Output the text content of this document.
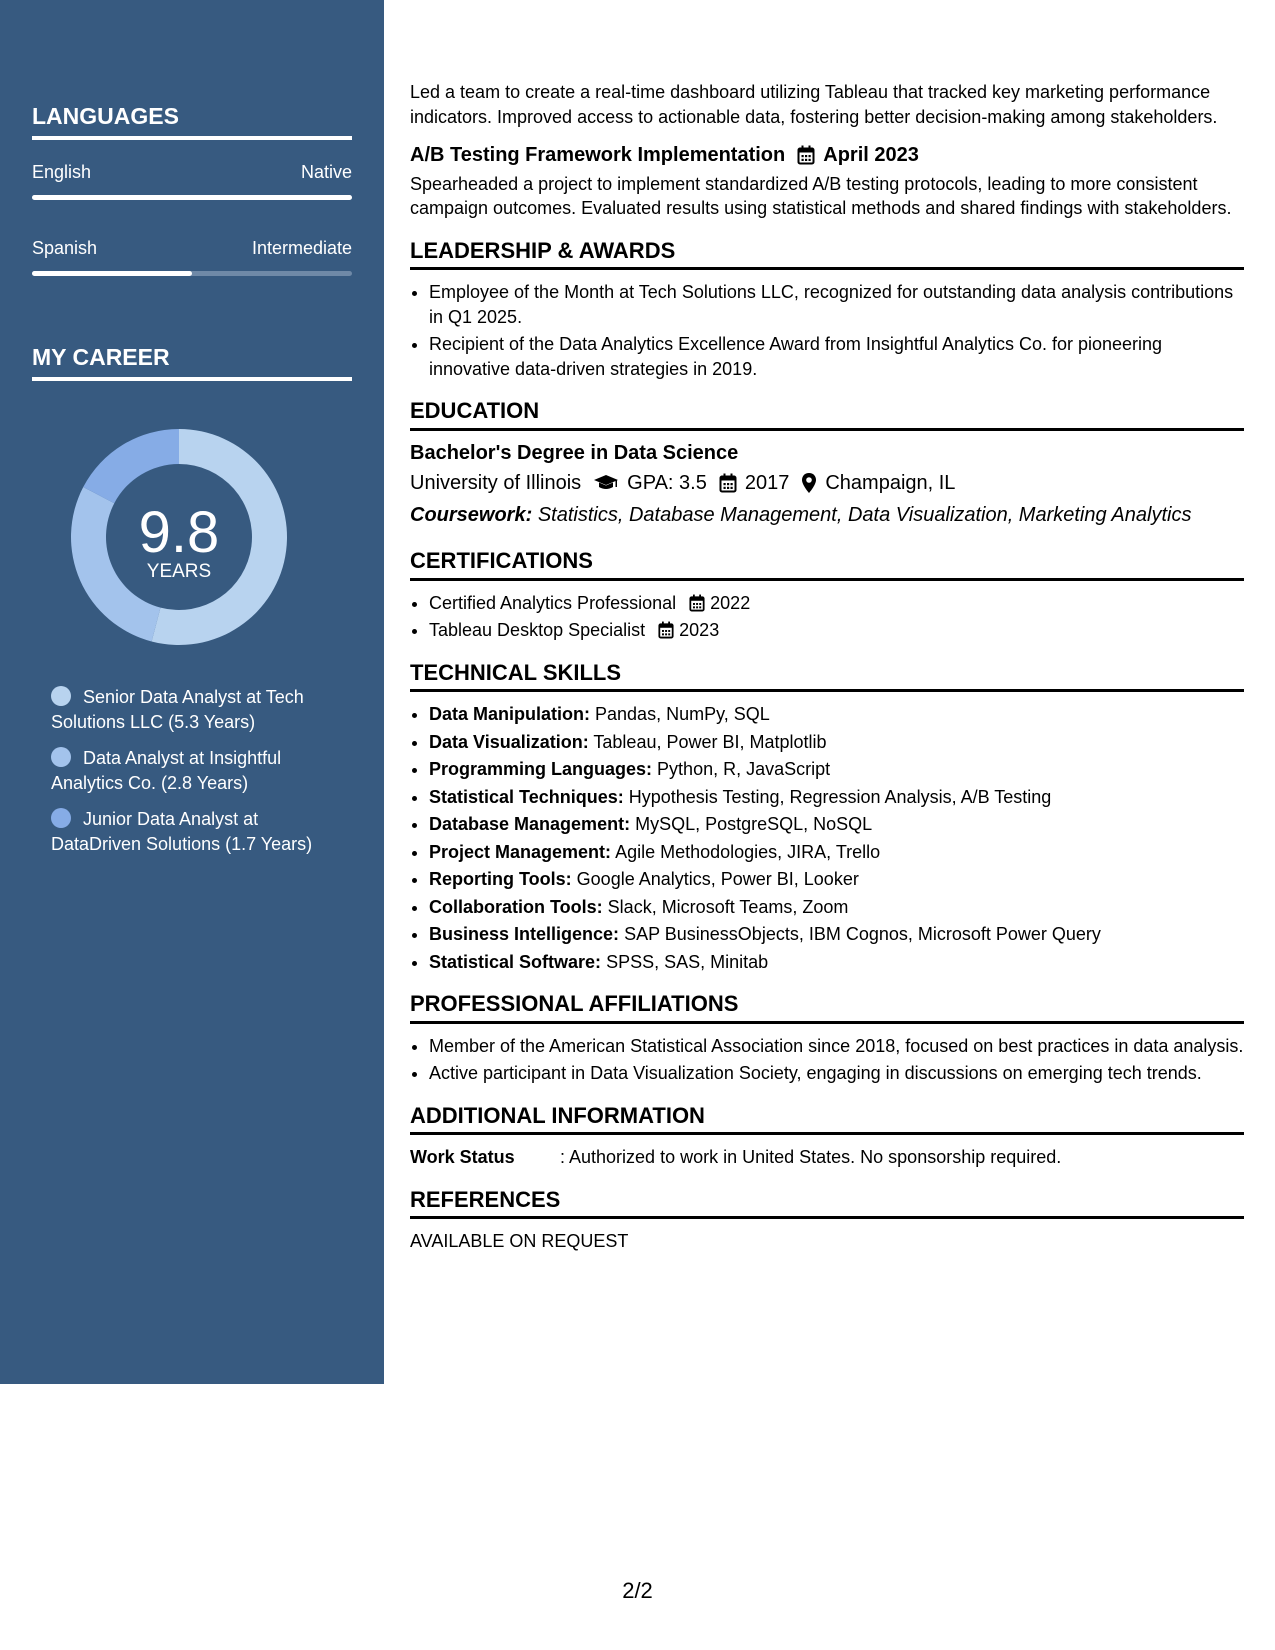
LANGUAGES
English	Native
Spanish	Intermediate
MY CAREER
9.8
YEARS
Senior Data Analyst at Tech Solutions LLC (5.3 Years)
Data Analyst at Insightful Analytics Co. (2.8 Years)
Junior Data Analyst at DataDriven Solutions (1.7 Years)

Led a team to create a real-time dashboard utilizing Tableau that tracked key marketing performance indicators. Improved access to actionable data, fostering better decision-making among stakeholders.

A/B Testing Framework Implementation April 2023

Spearheaded a project to implement standardized A/B testing protocols, leading to more consistent campaign outcomes. Evaluated results using statistical methods and shared findings with stakeholders.

LEADERSHIP & AWARDS
• Employee of the Month at Tech Solutions LLC, recognized for outstanding data analysis contributions in Q1 2025.
• Recipient of the Data Analytics Excellence Award from Insightful Analytics Co. for pioneering innovative data-driven strategies in 2019.
EDUCATION
Bachelor's Degree in Data Science
University of Illinois GPA: 3.5 2017 Champaign, IL
Coursework: Statistics, Database Management, Data Visualization, Marketing Analytics
CERTIFICATIONS
• Certified Analytics Professional 2022
• Tableau Desktop Specialist 2023
TECHNICAL SKILLS
• Data Manipulation: Pandas, NumPy, SQL
• Data Visualization: Tableau, Power BI, Matplotlib
• Programming Languages: Python, R, JavaScript
• Statistical Techniques: Hypothesis Testing, Regression Analysis, A/B Testing
• Database Management: MySQL, PostgreSQL, NoSQL
• Project Management: Agile Methodologies, JIRA, Trello
• Reporting Tools: Google Analytics, Power BI, Looker
• Collaboration Tools: Slack, Microsoft Teams, Zoom
• Business Intelligence: SAP BusinessObjects, IBM Cognos, Microsoft Power Query
• Statistical Software: SPSS, SAS, Minitab
PROFESSIONAL AFFILIATIONS
• Member of the American Statistical Association since 2018, focused on best practices in data analysis.
• Active participant in Data Visualization Society, engaging in discussions on emerging tech trends.
ADDITIONAL INFORMATION
Work Status	: Authorized to work in United States. No sponsorship required.
REFERENCES
AVAILABLE ON REQUEST
2/2
